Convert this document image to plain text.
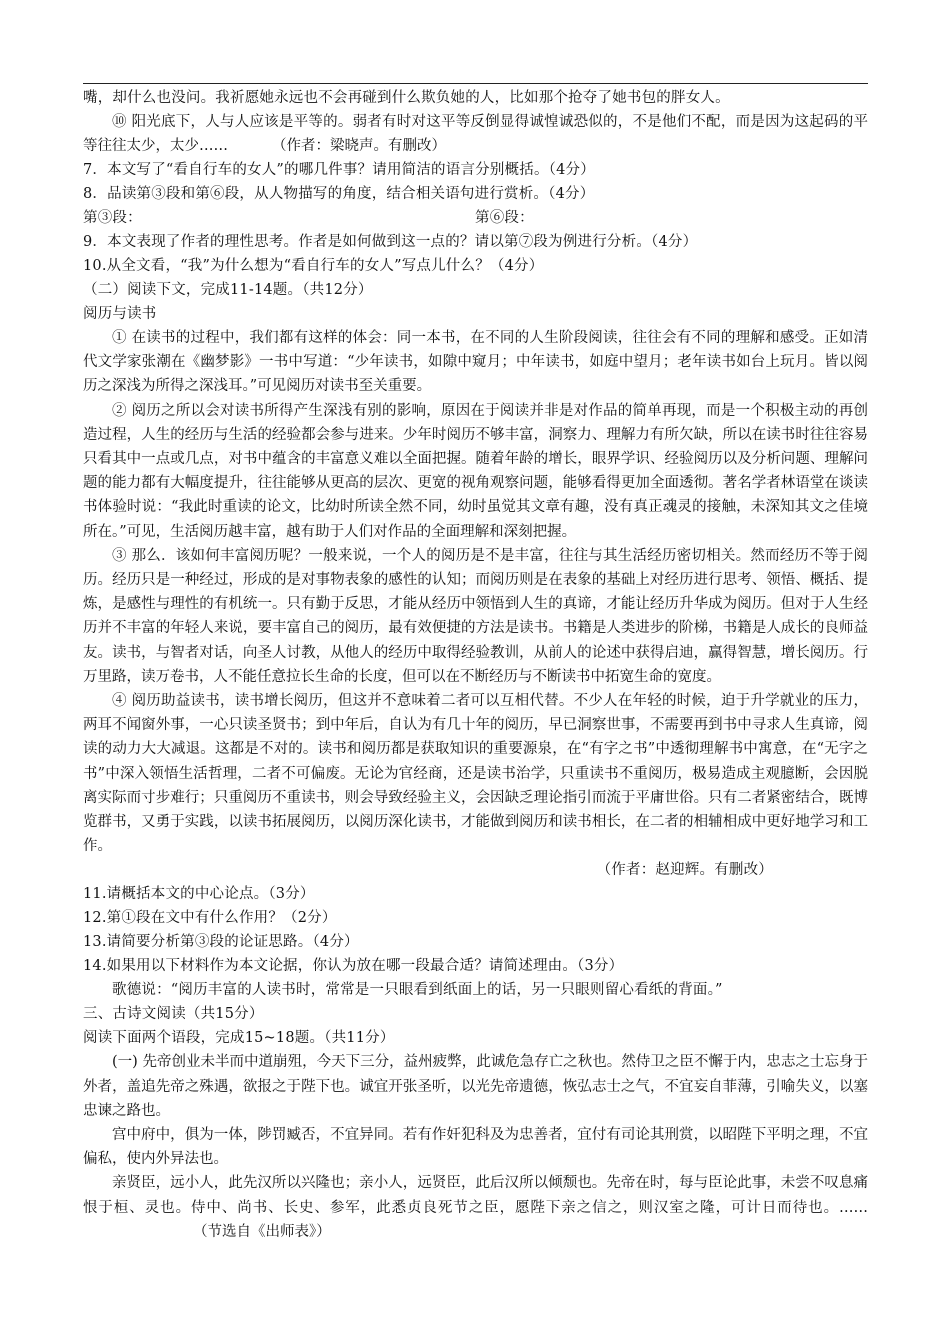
嘴，却什么也没问。我祈愿她永远也不会再碰到什么欺负她的人，比如那个抢夺了她书包的胖女人。

⑩ 阳光底下，人与人应该是平等的。弱者有时对这平等反倒显得诚惶诚恐似的，不是他们不配，而是因为这起码的平等往往太少，太少……	（作者：梁晓声。有删改）

7．本文写了“看自行车的女人”的哪几件事？请用简洁的语言分别概括。（4分）
8．品读第③段和第⑥段，从人物描写的角度，结合相关语句进行赏析。（4分）
第③段：	第⑥段：
9．本文表现了作者的理性思考。作者是如何做到这一点的？请以第⑦段为例进行分析。（4分）
10.从全文看，“我”为什么想为“看自行车的女人”写点儿什么？（4分）
（二）阅读下文，完成11-14题。（共12分）
阅历与读书

① 在读书的过程中，我们都有这样的体会：同一本书，在不同的人生阶段阅读，往往会有不同的理解和感受。正如清代文学家张潮在《幽梦影》一书中写道：“少年读书，如隙中窥月；中年读书，如庭中望月；老年读书如台上玩月。皆以阅历之深浅为所得之深浅耳。”可见阅历对读书至关重要。

② 阅历之所以会对读书所得产生深浅有别的影响，原因在于阅读并非是对作品的简单再现，而是一个积极主动的再创造过程，人生的经历与生活的经验都会参与进来。少年时阅历不够丰富，洞察力、理解力有所欠缺，所以在读书时往往容易只看其中一点或几点，对书中蕴含的丰富意义难以全面把握。随着年龄的增长，眼界学识、经验阅历以及分析问题、理解问题的能力都有大幅度提升，往往能够从更高的层次、更宽的视角观察问题，能够看得更加全面透彻。著名学者林语堂在谈读书体验时说：“我此时重读的论文，比幼时所读全然不同，幼时虽觉其文章有趣，没有真正魂灵的接触，未深知其文之佳境所在。”可见，生活阅历越丰富，越有助于人们对作品的全面理解和深刻把握。

③ 那么．该如何丰富阅历呢？一般来说，一个人的阅历是不是丰富，往往与其生活经历密切相关。然而经历不等于阅历。经历只是一种经过，形成的是对事物表象的感性的认知；而阅历则是在表象的基础上对经历进行思考、领悟、概括、提炼，是感性与理性的有机统一。只有勤于反思，才能从经历中领悟到人生的真谛，才能让经历升华成为阅历。但对于人生经历并不丰富的年轻人来说，要丰富自己的阅历，最有效便捷的方法是读书。书籍是人类进步的阶梯，书籍是人成长的良师益友。读书，与智者对话，向圣人讨教，从他人的经历中取得经验教训，从前人的论述中获得启迪，赢得智慧，增长阅历。行万里路，读万卷书，人不能任意拉长生命的长度，但可以在不断经历与不断读书中拓宽生命的宽度。

④ 阅历助益读书，读书增长阅历，但这并不意味着二者可以互相代替。不少人在年轻的时候，迫于升学就业的压力，两耳不闻窗外事，一心只读圣贤书；到中年后，自认为有几十年的阅历，早已洞察世事，不需要再到书中寻求人生真谛，阅读的动力大大减退。这都是不对的。读书和阅历都是获取知识的重要源泉，在“有字之书”中透彻理解书中寓意，在“无字之书”中深入领悟生活哲理，二者不可偏废。无论为官经商，还是读书治学，只重读书不重阅历，极易造成主观臆断，会因脱离实际而寸步难行；只重阅历不重读书，则会导致经验主义，会因缺乏理论指引而流于平庸世俗。只有二者紧密结合，既博览群书，又勇于实践，以读书拓展阅历，以阅历深化读书，才能做到阅历和读书相长，在二者的相辅相成中更好地学习和工作。

（作者：赵迎辉。有删改）
11.请概括本文的中心论点。（3分）
12.第①段在文中有什么作用？（2分）
13.请简要分析第③段的论证思路。（4分）
14.如果用以下材料作为本文论据，你认为放在哪一段最合适？请简述理由。（3分）
歌德说：“阅历丰富的人读书时，常常是一只眼看到纸面上的话，另一只眼则留心看纸的背面。”
三、古诗文阅读（共15分）
阅读下面两个语段，完成15~18题。（共11分）

(一) 先帝创业未半而中道崩殂，今天下三分，益州疲弊，此诚危急存亡之秋也。然侍卫之臣不懈于内，忠志之士忘身于外者，盖追先帝之殊遇，欲报之于陛下也。诚宜开张圣听，以光先帝遗德，恢弘志士之气，不宜妄自菲薄，引喻失义，以塞忠谏之路也。

宫中府中，俱为一体，陟罚臧否，不宜异同。若有作奸犯科及为忠善者，宜付有司论其刑赏，以昭陛下平明之理，不宜偏私，使内外异法也。

亲贤臣，远小人，此先汉所以兴隆也；亲小人，远贤臣，此后汉所以倾颓也。先帝在时，每与臣论此事，未尝不叹息痛恨于桓、灵也。侍中、尚书、长史、参军，此悉贞良死节之臣，愿陛下亲之信之，则汉室之隆，可计日而待也。……（节选自《出师表》）
